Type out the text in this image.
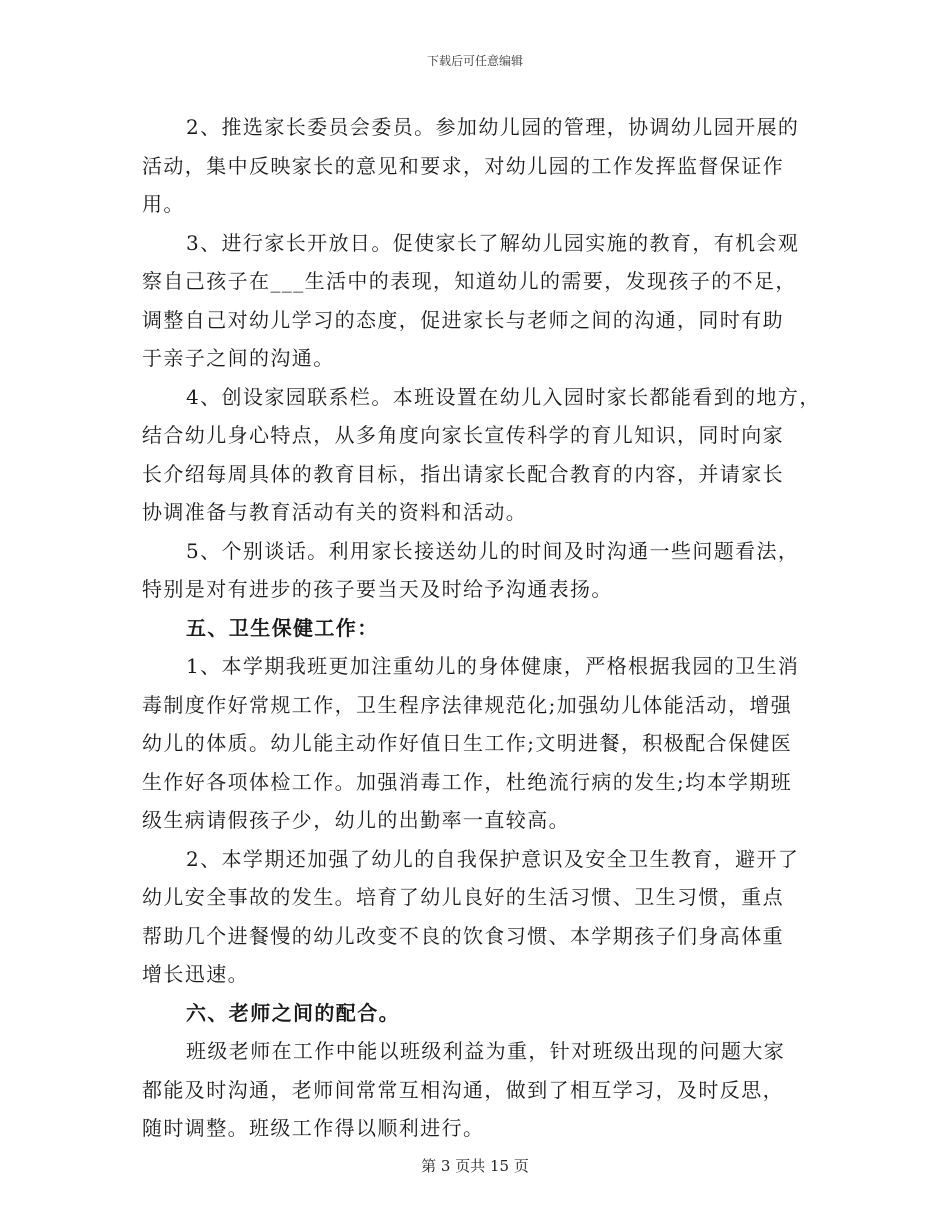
下载后可任意编辑
2、推选家长委员会委员。参加幼儿园的管理，协调幼儿园开展的
活动，集中反映家长的意见和要求，对幼儿园的工作发挥监督保证作
用。
3、进行家长开放日。促使家长了解幼儿园实施的教育，有机会观
察自己孩子在___生活中的表现，知道幼儿的需要，发现孩子的不足，
调整自己对幼儿学习的态度，促进家长与老师之间的沟通，同时有助
于亲子之间的沟通。
4、创设家园联系栏。本班设置在幼儿入园时家长都能看到的地方，
结合幼儿身心特点，从多角度向家长宣传科学的育儿知识，同时向家
长介绍每周具体的教育目标，指出请家长配合教育的内容，并请家长
协调准备与教育活动有关的资料和活动。
5、个别谈话。利用家长接送幼儿的时间及时沟通一些问题看法，
特别是对有进步的孩子要当天及时给予沟通表扬。
五、卫生保健工作：
1、本学期我班更加注重幼儿的身体健康，严格根据我园的卫生消
毒制度作好常规工作，卫生程序法律规范化;加强幼儿体能活动，增强
幼儿的体质。幼儿能主动作好值日生工作;文明进餐，积极配合保健医
生作好各项体检工作。加强消毒工作，杜绝流行病的发生;均本学期班
级生病请假孩子少，幼儿的出勤率一直较高。
2、本学期还加强了幼儿的自我保护意识及安全卫生教育，避开了
幼儿安全事故的发生。培育了幼儿良好的生活习惯、卫生习惯，重点
帮助几个进餐慢的幼儿改变不良的饮食习惯、本学期孩子们身高体重
增长迅速。
六、老师之间的配合。
班级老师在工作中能以班级利益为重，针对班级出现的问题大家
都能及时沟通，老师间常常互相沟通，做到了相互学习，及时反思，
随时调整。班级工作得以顺利进行。
第 3 页共 15 页
